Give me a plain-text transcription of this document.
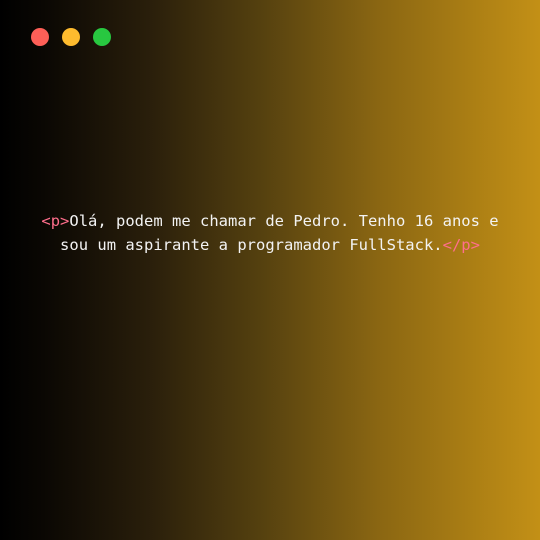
<p>Olá, podem me chamar de Pedro. Tenho 16 anos e sou um aspirante a programador FullStack.</p>
